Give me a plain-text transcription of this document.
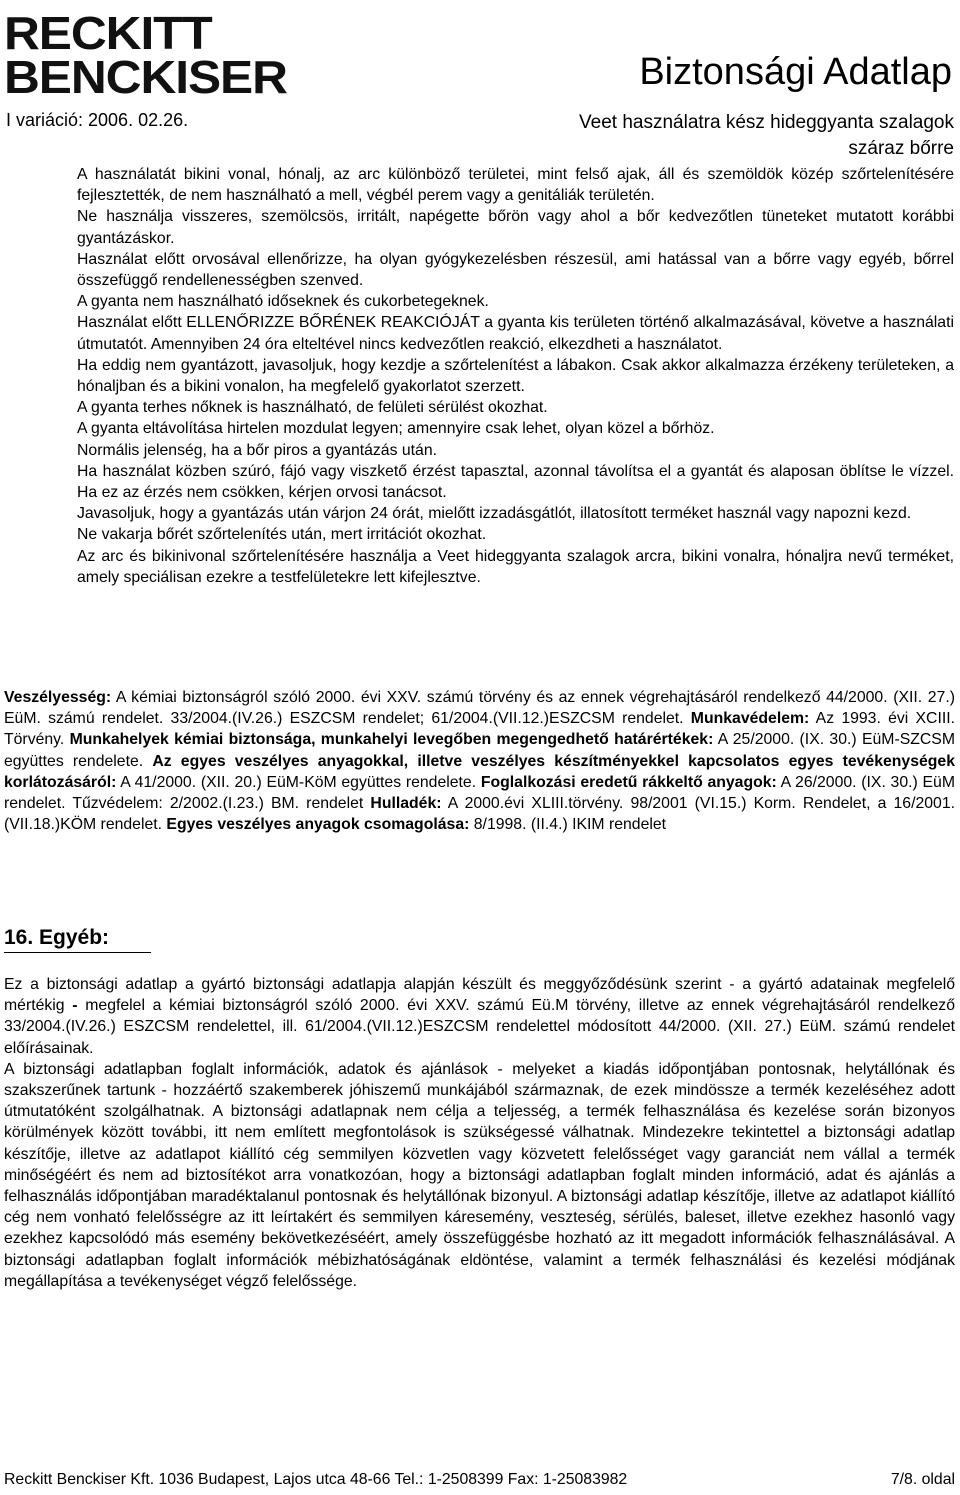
RECKITT
BENCKISER	Biztonsági Adatlap
I variáció: 2006. 02.26.	Veet használatra kész hideggyanta szalagok
száraz bőrre

A használatát bikini vonal, hónalj, az arc különböző területei, mint felső ajak, áll és szemöldök közép szőrtelenítésére fejlesztették, de nem használható a mell, végbél perem vagy a genitáliák területén.

Ne használja visszeres, szemölcsös, irritált, napégette bőrön vagy ahol a bőr kedvezőtlen tüneteket mutatott korábbi gyantázáskor.

Használat előtt orvosával ellenőrizze, ha olyan gyógykezelésben részesül, ami hatással van a bőrre vagy egyéb, bőrrel összefüggő rendellenességben szenved.

A gyanta nem használható időseknek és cukorbetegeknek.

Használat előtt ELLENŐRIZZE BŐRÉNEK REAKCIÓJÁT a gyanta kis területen történő alkalmazásával, követve a használati útmutatót. Amennyiben 24 óra elteltével nincs kedvezőtlen reakció, elkezdheti a használatot.

Ha eddig nem gyantázott, javasoljuk, hogy kezdje a szőrtelenítést a lábakon. Csak akkor alkalmazza érzékeny területeken, a hónaljban és a bikini vonalon, ha megfelelő gyakorlatot szerzett.

A gyanta terhes nőknek is használható, de felületi sérülést okozhat.

A gyanta eltávolítása hirtelen mozdulat legyen; amennyire csak lehet, olyan közel a bőrhöz.

Normális jelenség, ha a bőr piros a gyantázás után.

Ha használat közben szúró, fájó vagy viszkető érzést tapasztal, azonnal távolítsa el a gyantát és alaposan öblítse le vízzel. Ha ez az érzés nem csökken, kérjen orvosi tanácsot.

Javasoljuk, hogy a gyantázás után várjon 24 órát, mielőtt izzadásgátlót, illatosított terméket használ vagy napozni kezd.

Ne vakarja bőrét szőrtelenítés után, mert irritációt okozhat.

Az arc és bikinivonal szőrtelenítésére használja a Veet hideggyanta szalagok arcra, bikini vonalra, hónaljra nevű terméket, amely speciálisan ezekre a testfelületekre lett kifejlesztve.

Veszélyesség: A kémiai biztonságról szóló 2000. évi XXV. számú törvény és az ennek végrehajtásáról rendelkező 44/2000. (XII. 27.) EüM. számú rendelet. 33/2004.(IV.26.) ESZCSM rendelet; 61/2004.(VII.12.)ESZCSM rendelet. Munkavédelem: Az 1993. évi XCIII. Törvény. Munkahelyek kémiai biztonsága, munkahelyi levegőben megengedhető határértékek: A 25/2000. (IX. 30.) EüM-SZCSM együttes rendelete. Az egyes veszélyes anyagokkal, illetve veszélyes készítményekkel kapcsolatos egyes tevékenységek korlátozásáról: A 41/2000. (XII. 20.) EüM-KöM együttes rendelete. Foglalkozási eredetű rákkeltő anyagok: A 26/2000. (IX. 30.) EüM rendelet. Tűzvédelem: 2/2002.(I.23.) BM. rendelet Hulladék: A 2000.évi XLIII.törvény. 98/2001 (VI.15.) Korm. Rendelet, a 16/2001.(VII.18.)KÖM rendelet. Egyes veszélyes anyagok csomagolása: 8/1998. (II.4.) IKIM rendelet

16. Egyéb:

Ez a biztonsági adatlap a gyártó biztonsági adatlapja alapján készült és meggyőződésünk szerint - a gyártó adatainak megfelelő mértékig - megfelel a kémiai biztonságról szóló 2000. évi XXV. számú Eü.M törvény, illetve az ennek végrehajtásáról rendelkező 33/2004.(IV.26.) ESZCSM rendelettel, ill. 61/2004.(VII.12.)ESZCSM rendelettel módosított 44/2000. (XII. 27.) EüM. számú rendelet előírásainak.

A biztonsági adatlapban foglalt információk, adatok és ajánlások - melyeket a kiadás időpontjában pontosnak, helytállónak és szakszerűnek tartunk - hozzáértő szakemberek jóhiszemű munkájából származnak, de ezek mindössze a termék kezeléséhez adott útmutatóként szolgálhatnak. A biztonsági adatlapnak nem célja a teljesség, a termék felhasználása és kezelése során bizonyos körülmények között további, itt nem említett megfontolások is szükségessé válhatnak. Mindezekre tekintettel a biztonsági adatlap készítője, illetve az adatlapot kiállító cég semmilyen közvetlen vagy közvetett felelősséget vagy garanciát nem vállal a termék minőségéért és nem ad biztosítékot arra vonatkozóan, hogy a biztonsági adatlapban foglalt minden információ, adat és ajánlás a felhasználás időpontjában maradéktalanul pontosnak és helytállónak bizonyul. A biztonsági adatlap készítője, illetve az adatlapot kiállító cég nem vonható felelősségre az itt leírtakért és semmilyen káresemény, veszteség, sérülés, baleset, illetve ezekhez hasonló vagy ezekhez kapcsolódó más esemény bekövetkezéséért, amely összefüggésbe hozható az itt megadott információk felhasználásával. A biztonsági adatlapban foglalt információk mébizhatóságának eldöntése, valamint a termék felhasználási és kezelési módjának megállapítása a tevékenységet végző felelőssége.

Reckitt Benckiser Kft. 1036 Budapest, Lajos utca 48-66 Tel.: 1-2508399 Fax: 1-25083982	7/8. oldal
